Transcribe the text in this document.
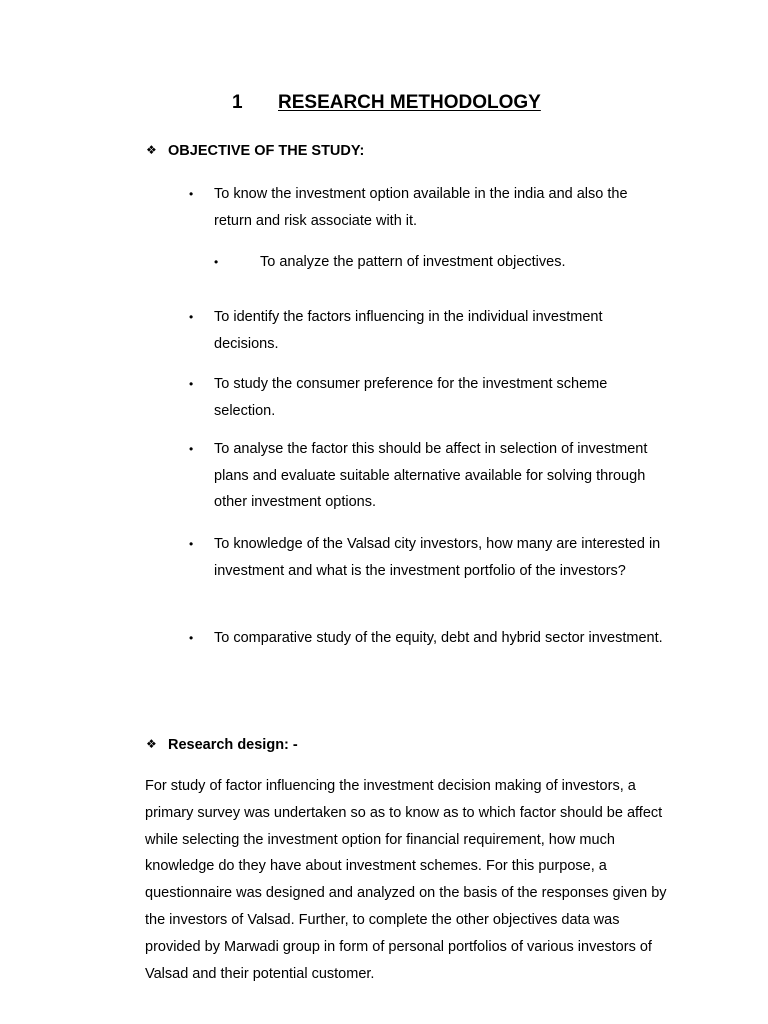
1 RESEARCH METHODOLOGY
❖ OBJECTIVE OF THE STUDY:
•	To know the investment option available in the india and also the return and risk associate with it.
•	To analyze the pattern of investment objectives.
•	To identify the factors influencing in the individual investment decisions.
•	To study the consumer preference for the investment scheme selection.
•	To analyse the factor this should be affect in selection of investment plans and evaluate suitable alternative available for solving through other investment options.
•	To knowledge of the Valsad city investors, how many are interested in investment and what is the investment portfolio of the investors?
•	To comparative study of the equity, debt and hybrid sector investment.
❖ Research design: -

For study of factor influencing the investment decision making of investors, a primary survey was undertaken so as to know as to which factor should be affect while selecting the investment option for financial requirement, how much knowledge do they have about investment schemes. For this purpose, a questionnaire was designed and analyzed on the basis of the responses given by the investors of Valsad. Further, to complete the other objectives data was provided by Marwadi group in form of personal portfolios of various investors of Valsad and their potential customer.
